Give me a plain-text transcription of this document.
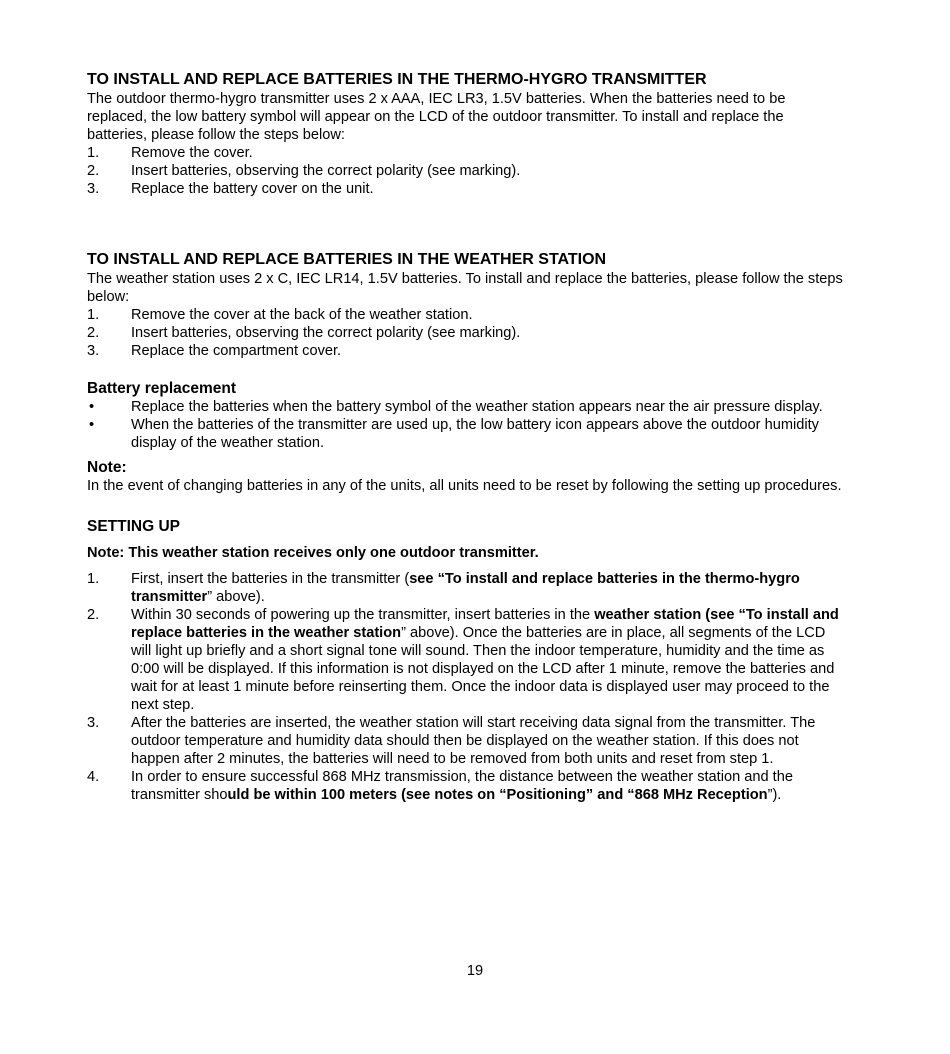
TO INSTALL AND REPLACE BATTERIES IN THE THERMO-HYGRO TRANSMITTER

The outdoor thermo-hygro transmitter uses 2 x AAA, IEC LR3, 1.5V batteries. When the batteries need to be replaced, the low battery symbol will appear on the LCD of the outdoor transmitter. To install and replace the batteries, please follow the steps below:

1.	Remove the cover.
2.	Insert batteries, observing the correct polarity (see marking).
3.	Replace the battery cover on the unit.
TO INSTALL AND REPLACE BATTERIES IN THE WEATHER STATION

The weather station uses 2 x C, IEC LR14, 1.5V batteries. To install and replace the batteries, please follow the steps below:

1.	Remove the cover at the back of the weather station.
2.	Insert batteries, observing the correct polarity (see marking).
3.	Replace the compartment cover.
Battery replacement
•	Replace the batteries when the battery symbol of the weather station appears near the air pressure display.
•	When the batteries of the transmitter are used up, the low battery icon appears above the outdoor humidity display of the weather station.
Note:

In the event of changing batteries in any of the units, all units need to be reset by following the setting up procedures.

SETTING UP

Note: This weather station receives only one outdoor transmitter.

1.	First, insert the batteries in the transmitter (see “To install and replace batteries in the thermo-hygro transmitter” above).
2.	Within 30 seconds of powering up the transmitter, insert batteries in the weather station (see “To install and replace batteries in the weather station” above). Once the batteries are in place, all segments of the LCD will light up briefly and a short signal tone will sound. Then the indoor temperature, humidity and the time as 0:00 will be displayed. If this information is not displayed on the LCD after 1 minute, remove the batteries and wait for at least 1 minute before reinserting them. Once the indoor data is displayed user may proceed to the next step.
3.	After the batteries are inserted, the weather station will start receiving data signal from the transmitter. The outdoor temperature and humidity data should then be displayed on the weather station. If this does not happen after 2 minutes, the batteries will need to be removed from both units and reset from step 1.
4.	In order to ensure successful 868 MHz transmission, the distance between the weather station and the transmitter should be within 100 meters (see notes on “Positioning” and “868 MHz Reception”).
19
